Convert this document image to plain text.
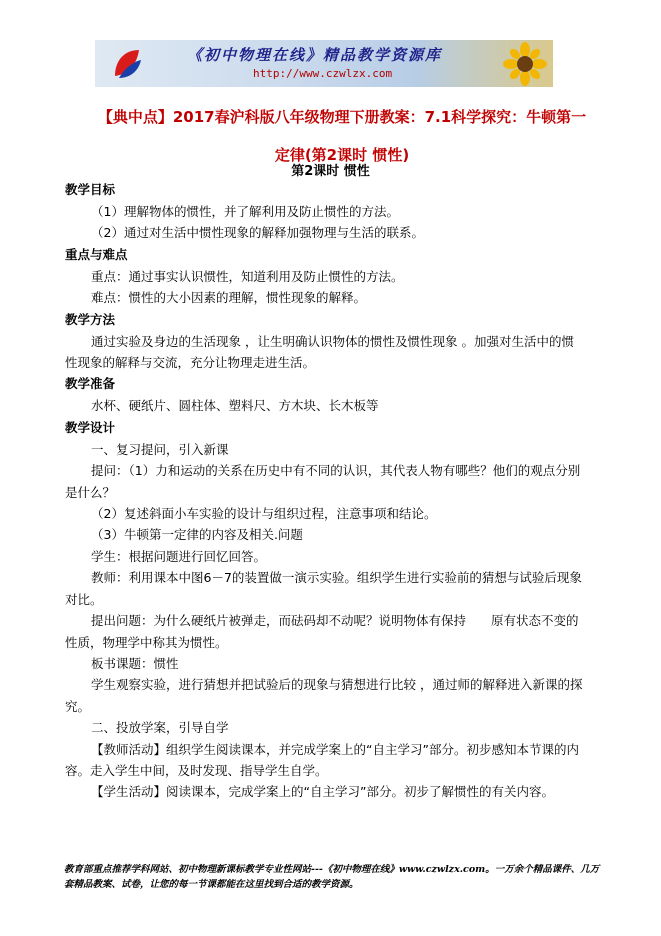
《初中物理在线》精品教学资源库
http://www.czwlzx.com
【典中点】2017春沪科版八年级物理下册教案：7.1科学探究：牛顿第一定律(第2课时 惯性)
第2课时 惯性
教学目标
（1）理解物体的惯性，并了解利用及防止惯性的方法。
（2）通过对生活中惯性现象的解释加强物理与生活的联系。
重点与难点
重点：通过事实认识惯性，知道利用及防止惯性的方法。
难点：惯性的大小因素的理解，惯性现象的解释。
教学方法
通过实验及身边的生活现象 ，让生明确认识物体的惯性及惯性现象 。加强对生活中的惯性现象的解释与交流，充分让物理走进生活。
教学准备
水杯、硬纸片、圆柱体、塑料尺、方木块、长木板等
教学设计
一、复习提问，引入新课
提问：（1）力和运动的关系在历史中有不同的认识，其代表人物有哪些？他们的观点分别是什么？
（2）复述斜面小车实验的设计与组织过程，注意事项和结论。
（3）牛顿第一定律的内容及相关.问题
学生：根据问题进行回忆回答。
教师：利用课本中图6－7的装置做一演示实验。组织学生进行实验前的猜想与试验后现象对比。
提出问题：为什么硬纸片被弹走，而砝码却不动呢？说明物体有保持　　原有状态不变的性质，物理学中称其为惯性。
板书课题：惯性
学生观察实验，进行猜想并把试验后的现象与猜想进行比较 ，通过师的解释进入新课的探究。
二、投放学案，引导自学
【教师活动】组织学生阅读课本，并完成学案上的“自主学习”部分。初步感知本节课的内容。走入学生中间，及时发现、指导学生自学。
【学生活动】阅读课本，完成学案上的“自主学习”部分。初步了解惯性的有关内容。
教育部重点推荐学科网站、初中物理新课标教学专业性网站---《初中物理在线》www.czwlzx.com。一万余个精品课件、几万套精品教案、试卷，让您的每一节课都能在这里找到合适的教学资源。
